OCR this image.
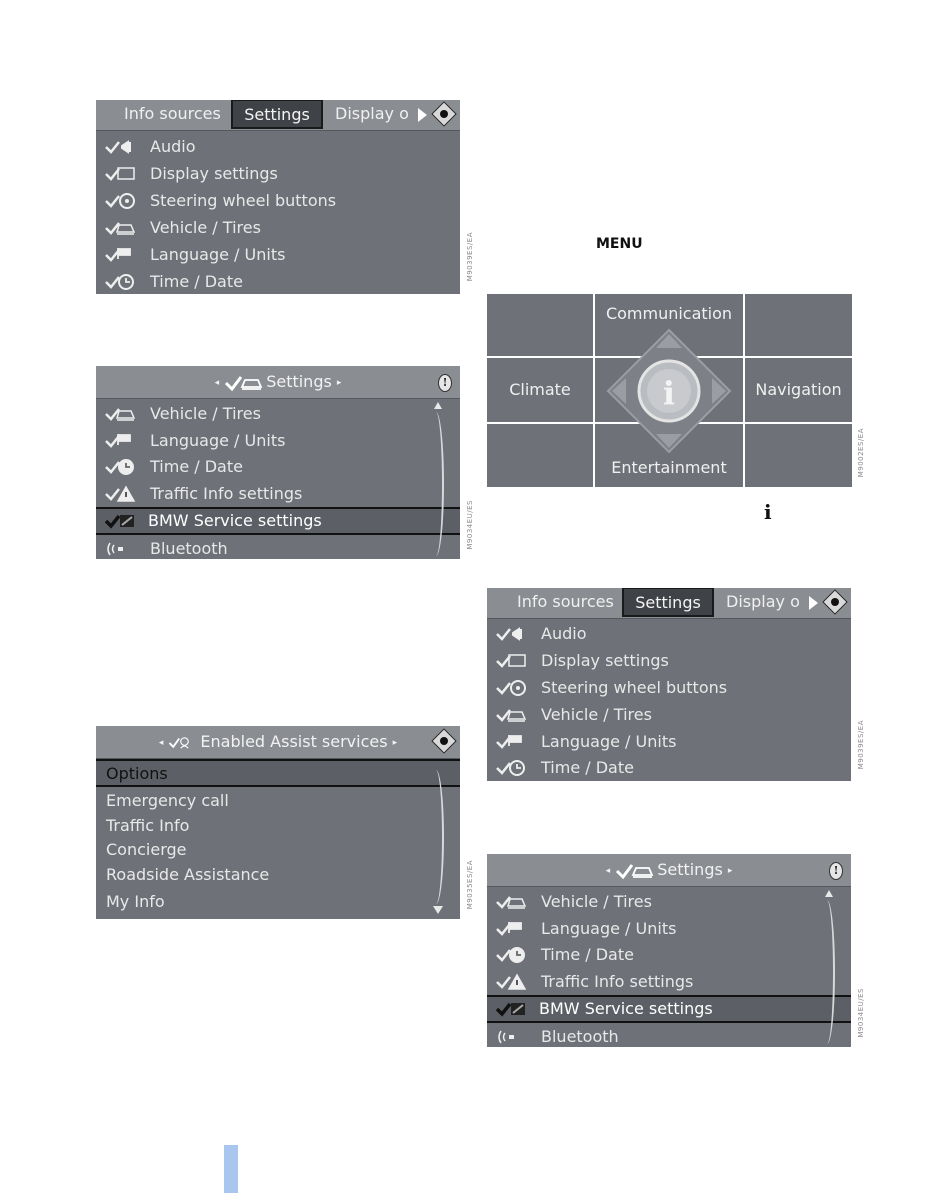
Info sources	Settings	Display o
Audio
Display settings
Steering wheel buttons
Vehicle / Tires
Language / Units
Time / Date
M9039ES/EA
◂	Settings ▸	!
Vehicle / Tires
Language / Units
Time / Date
Traffic Info settings
BMW Service settings
Bluetooth	M9034EU/ES
◂ Enabled Assist services ▸
Options
Emergency call
Traffic Info
Concierge
Roadside Assistance
My Info	M9035ES/EA
MENU
Communication
Climate	Navigation
Entertainment
i
M9002ES/EA
i
Info sources	Settings	Display o
Audio
Display settings
Steering wheel buttons
Vehicle / Tires
Language / Units
Time / Date	M9039ES/EA
◂	Settings ▸	!
Vehicle / Tires
Language / Units
Time / Date
Traffic Info settings
BMW Service settings
Bluetooth	M9034EU/ES
